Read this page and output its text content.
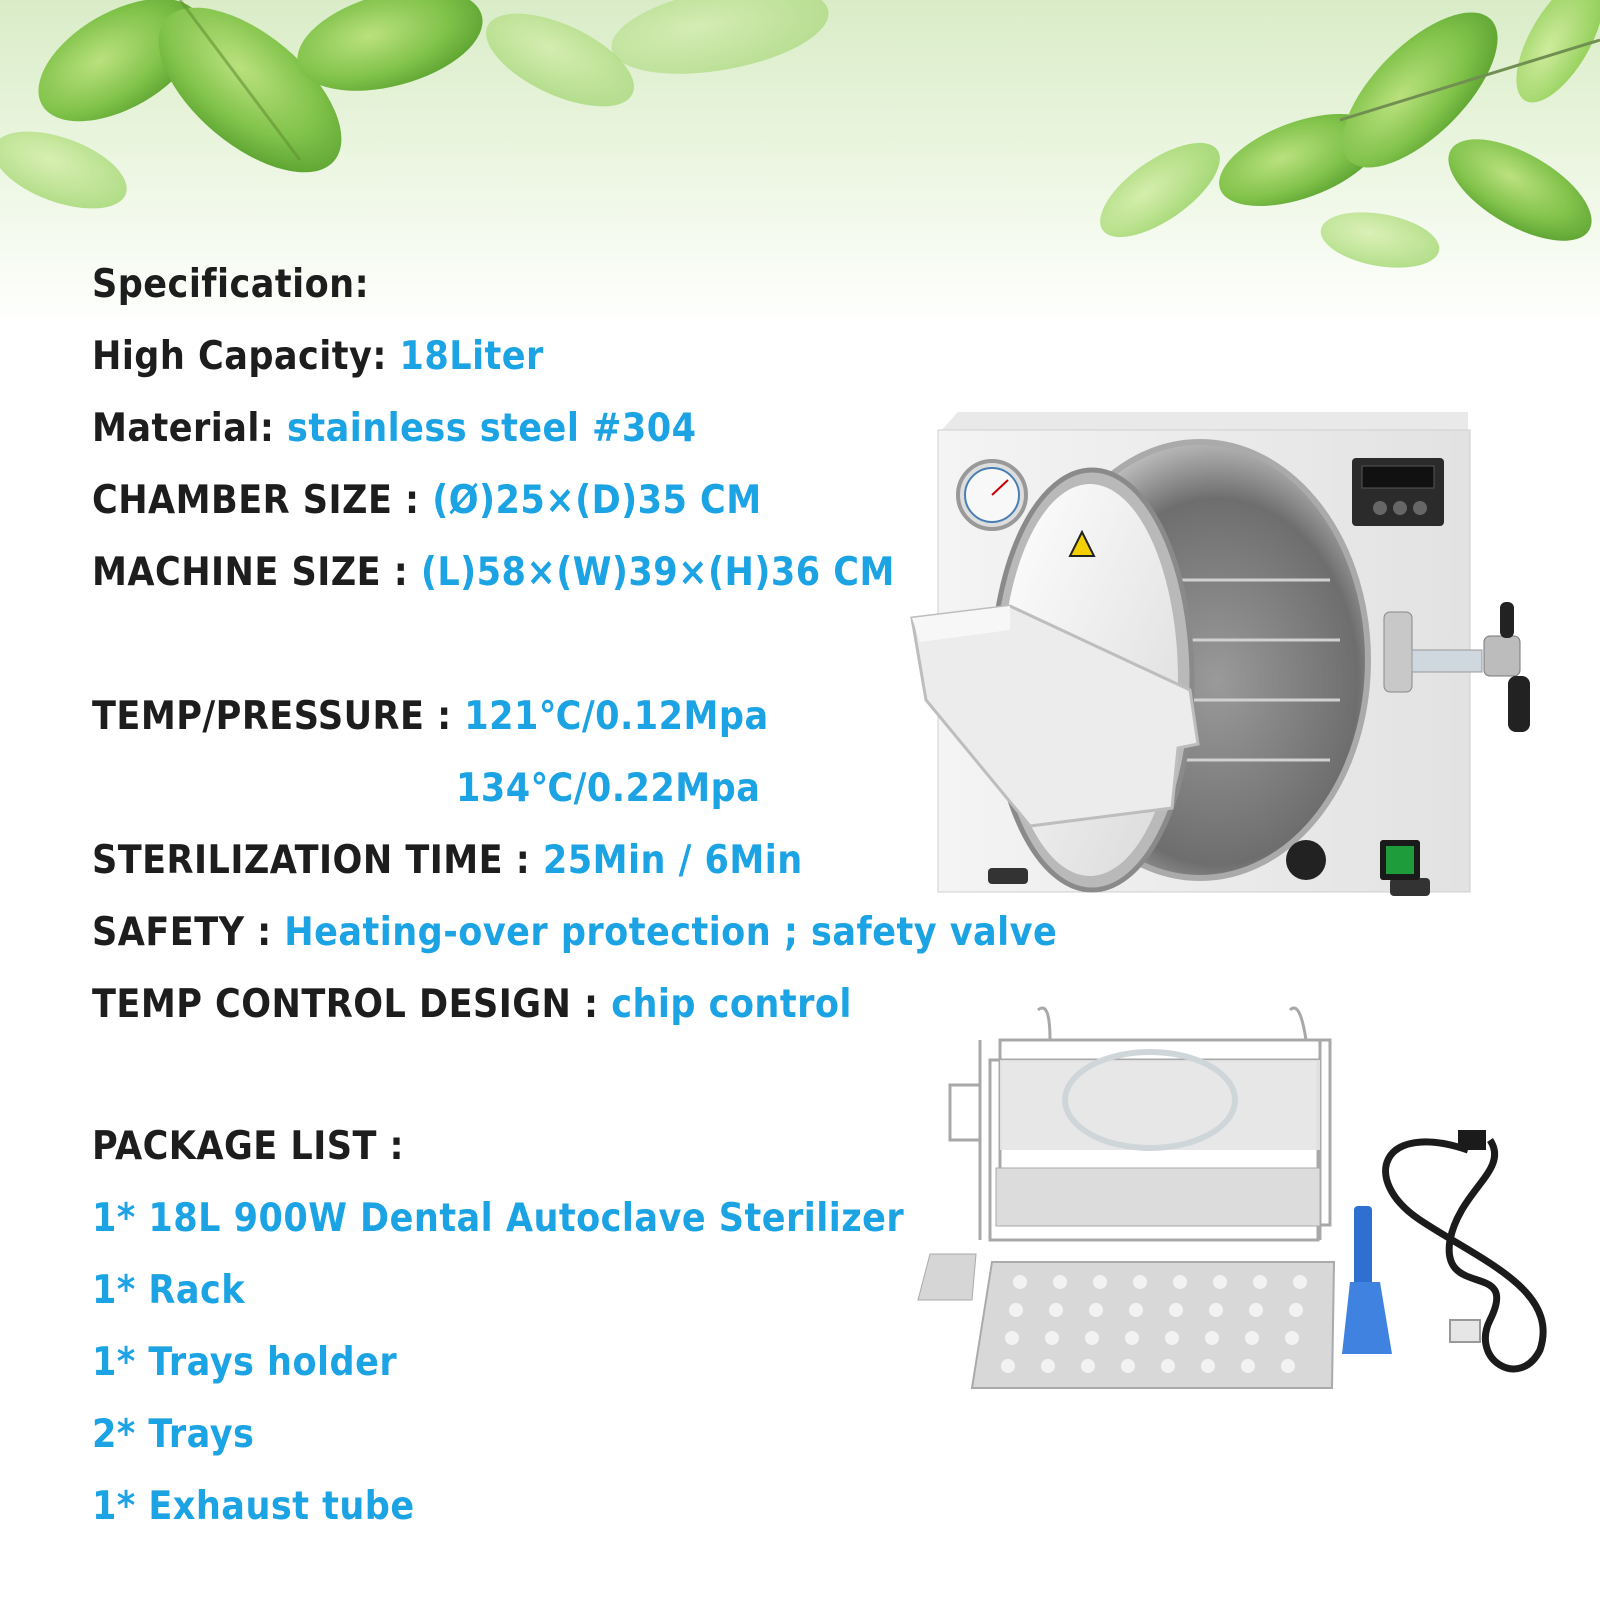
Specification:
High Capacity: 18Liter
Material: stainless steel #304
CHAMBER SIZE : (Ø)25×(D)35 CM
MACHINE SIZE : (L)58×(W)39×(H)36 CM
TEMP/PRESSURE : 121℃/0.12Mpa
134℃/0.22Mpa
STERILIZATION TIME : 25Min / 6Min
SAFETY : Heating-over protection ; safety valve
TEMP CONTROL DESIGN : chip control
PACKAGE LIST :
1* 18L 900W Dental Autoclave Sterilizer
1* Rack
1* Trays holder
2* Trays
1* Exhaust tube
